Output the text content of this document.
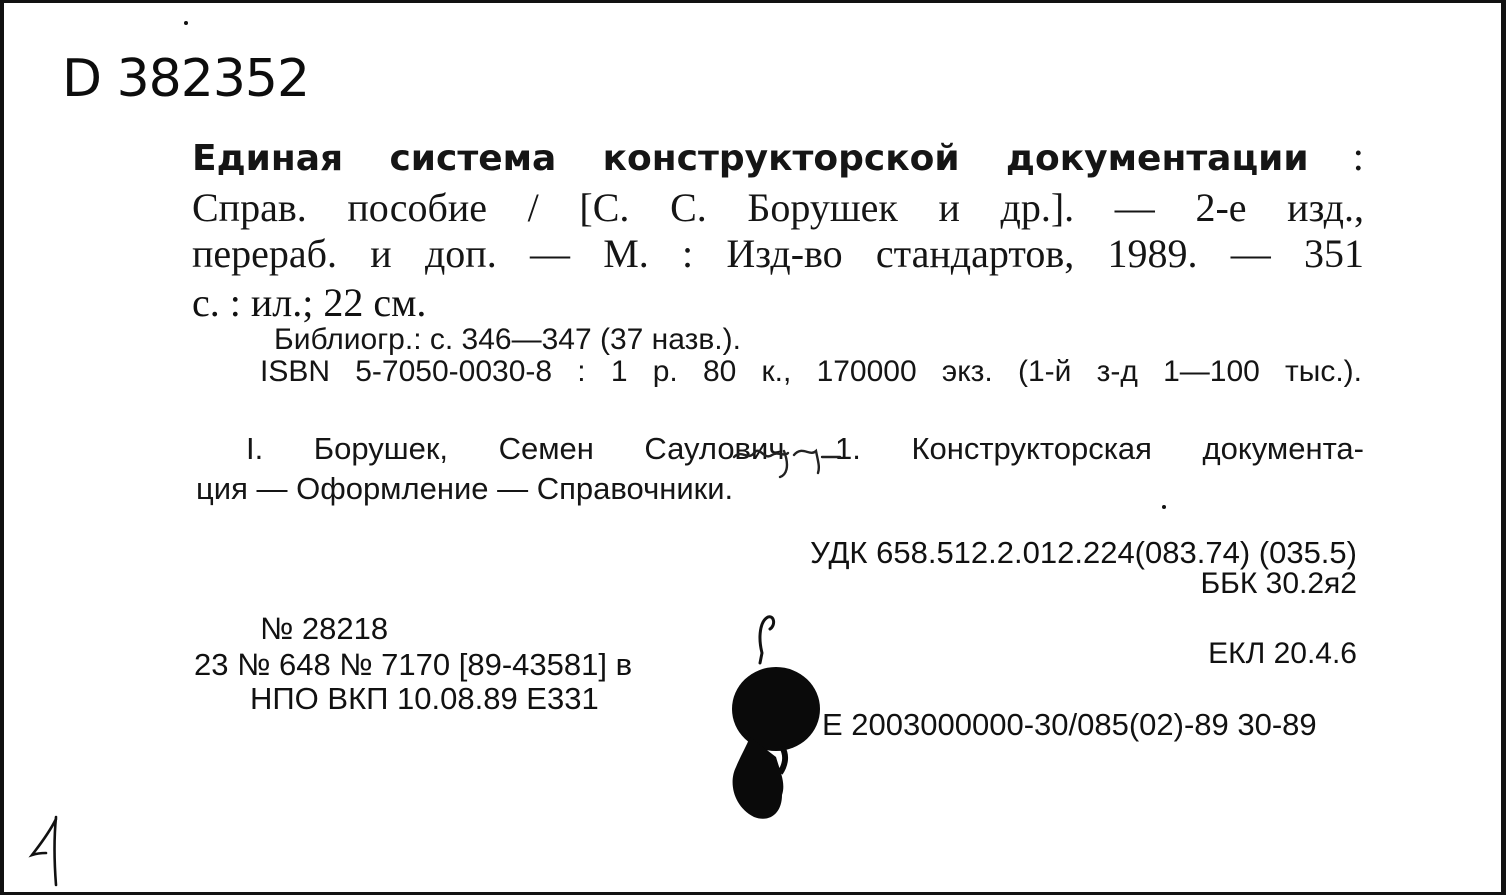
D 382352
Единая система конструкторской документации :
Справ. пособие / [С. С. Борушек и др.]. — 2-е изд.,
перераб. и доп. — М. : Изд-во стандартов, 1989. — 351
с. : ил.; 22 см.
Библиогр.: с. 346—347 (37 назв.).
ISBN 5-7050-0030-8 : 1 р. 80 к., 170000 экз. (1-й з-д 1—100 тыс.).
I. Борушек, Семен Саулович 1. Конструкторская документа-
ция — Оформление — Справочники.
УДК 658.512.2.012.224(083.74) (035.5)
ББК 30.2я2
ЕКЛ 20.4.6
Е 2003000000-30/085(02)-89 30-89
№ 28218
23 № 648 № 7170 [89-43581] в
НПО ВКП 10.08.89 Е331
